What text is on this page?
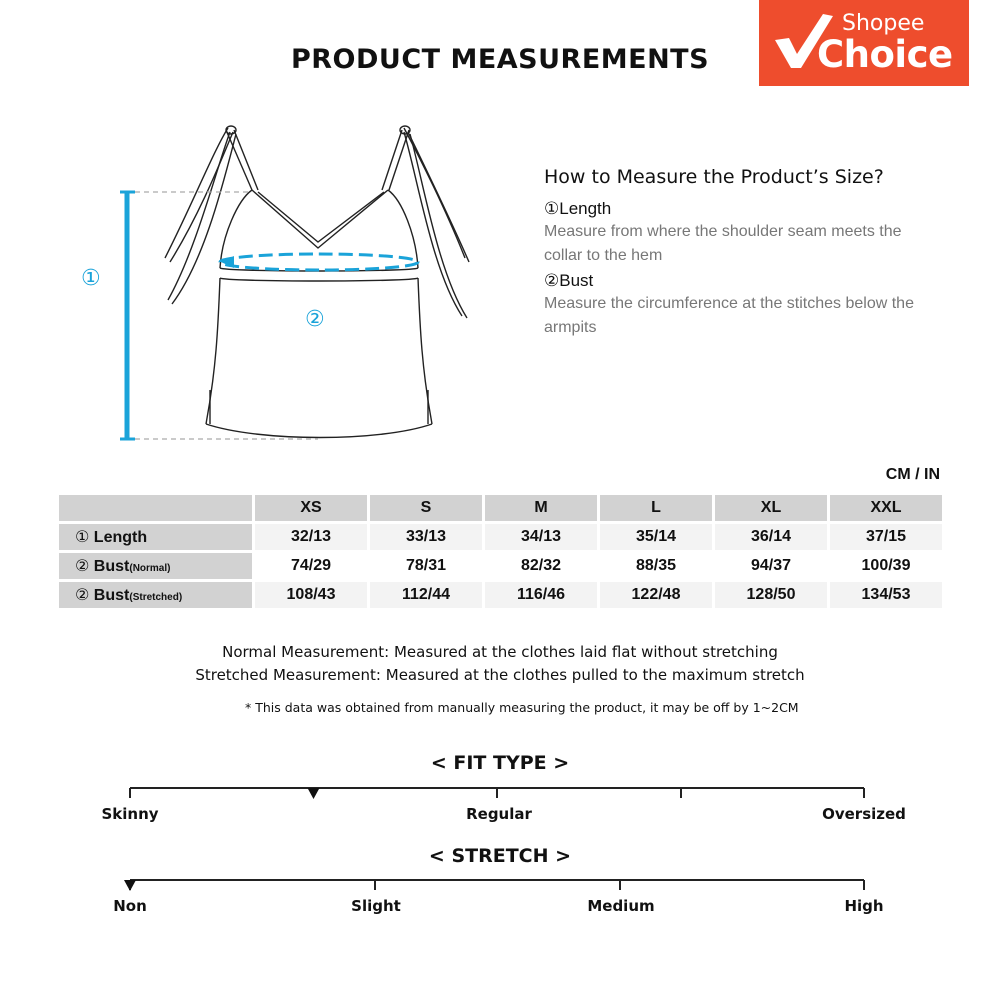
PRODUCT MEASUREMENTS
Shopee
Choice
①
②
How to Measure the Product’s Size?

①Length

Measure from where the shoulder seam meets the collar to the hem

②Bust

Measure the circumference at the stitches below the armpits

CM / IN
	XS	S	M	L	XL	XXL
① Length	32/13	33/13	34/13	35/14	36/14	37/15
② Bust(Normal)	74/29	78/31	82/32	88/35	94/37	100/39
② Bust(Stretched)	108/43	112/44	116/46	122/48	128/50	134/53
Normal Measurement: Measured at the clothes laid flat without stretching
Stretched Measurement: Measured at the clothes pulled to the maximum stretch
* This data was obtained from manually measuring the product, it may be off by 1~2CM
< FIT TYPE >
Skinny	Regular	Oversized
< STRETCH >
Non	Slight	Medium	High
